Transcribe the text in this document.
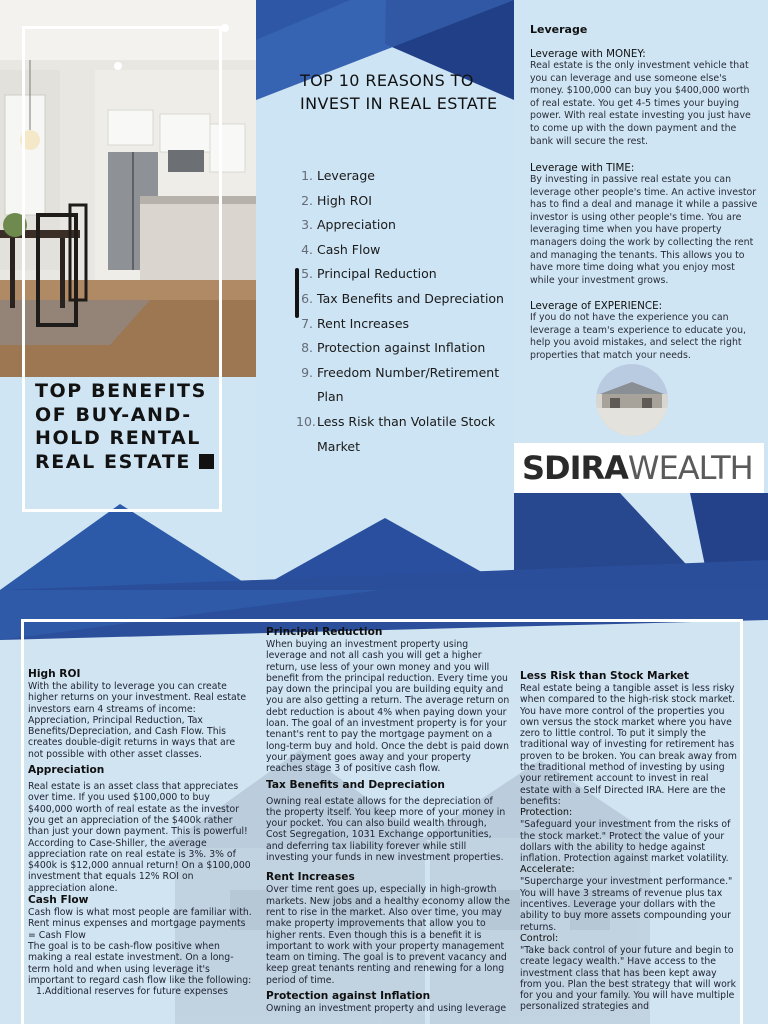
TOP BENEFITS OF BUY-AND-HOLD RENTAL REAL ESTATE
TOP 10 REASONS TO INVEST IN REAL ESTATE
1. Leverage
2. High ROI
3. Appreciation
4. Cash Flow
5. Principal Reduction
6. Tax Benefits and Depreciation
7. Rent Increases
8. Protection against Inflation
9. Freedom Number/Retirement Plan
10. Less Risk than Volatile Stock Market
Leverage
Leverage with MONEY:
Real estate is the only investment vehicle that you can leverage and use someone else's money. $100,000 can buy you $400,000 worth of real estate. You get 4-5 times your buying power. With real estate investing you just have to come up with the down payment and the bank will secure the rest.
Leverage with TIME:
By investing in passive real estate you can leverage other people's time. An active investor has to find a deal and manage it while a passive investor is using other people's time. You are leveraging time when you have property managers doing the work by collecting the rent and managing the tenants. This allows you to have more time doing what you enjoy most while your investment grows.
Leverage of EXPERIENCE:
If you do not have the experience you can leverage a team's experience to educate you, help you avoid mistakes, and select the right properties that match your needs.
SDIRAWEALTH
High ROI
With the ability to leverage you can create higher returns on your investment. Real estate investors earn 4 streams of income: Appreciation, Principal Reduction, Tax Benefits/Depreciation, and Cash Flow. This creates double-digit returns in ways that are not possible with other asset classes.
Appreciation
Real estate is an asset class that appreciates over time. If you used $100,000 to buy $400,000 worth of real estate as the investor you get an appreciation of the $400k rather than just your down payment. This is powerful! According to Case-Shiller, the average appreciation rate on real estate is 3%. 3% of $400k is $12,000 annual return! On a $100,000 investment that equals 12% ROI on appreciation alone.
Cash Flow
Cash flow is what most people are familiar with.
Rent minus expenses and mortgage payments = Cash Flow
The goal is to be cash-flow positive when making a real estate investment. On a long-term hold and when using leverage it's important to regard cash flow like the following:
1.Additional reserves for future expenses
Principal Reduction
When buying an investment property using leverage and not all cash you will get a higher return, use less of your own money and you will benefit from the principal reduction. Every time you pay down the principal you are building equity and you are also getting a return. The average return on debt reduction is about 4% when paying down your loan. The goal of an investment property is for your tenant's rent to pay the mortgage payment on a long-term buy and hold. Once the debt is paid down your payment goes away and your property reaches stage 3 of positive cash flow.
Tax Benefits and Depreciation
Owning real estate allows for the depreciation of the property itself. You keep more of your money in your pocket. You can also build wealth through, Cost Segregation, 1031 Exchange opportunities, and deferring tax liability forever while still investing your funds in new investment properties.
Rent Increases
Over time rent goes up, especially in high-growth markets. New jobs and a healthy economy allow the rent to rise in the market. Also over time, you may make property improvements that allow you to higher rents. Even though this is a benefit it is important to work with your property management team on timing. The goal is to prevent vacancy and keep great tenants renting and renewing for a long period of time.
Protection against Inflation
Owning an investment property and using leverage
Less Risk than Stock Market
Real estate being a tangible asset is less risky when compared to the high-risk stock market. You have more control of the properties you own versus the stock market where you have zero to little control. To put it simply the traditional way of investing for retirement has proven to be broken. You can break away from the traditional method of investing by using your retirement account to invest in real estate with a Self Directed IRA. Here are the benefits:
Protection:
"Safeguard your investment from the risks of the stock market." Protect the value of your dollars with the ability to hedge against inflation. Protection against market volatility.
Accelerate:
"Supercharge your investment performance." You will have 3 streams of revenue plus tax incentives. Leverage your dollars with the ability to buy more assets compounding your returns.
Control:
"Take back control of your future and begin to create legacy wealth." Have access to the investment class that has been kept away from you. Plan the best strategy that will work for you and your family. You will have multiple personalized strategies and
